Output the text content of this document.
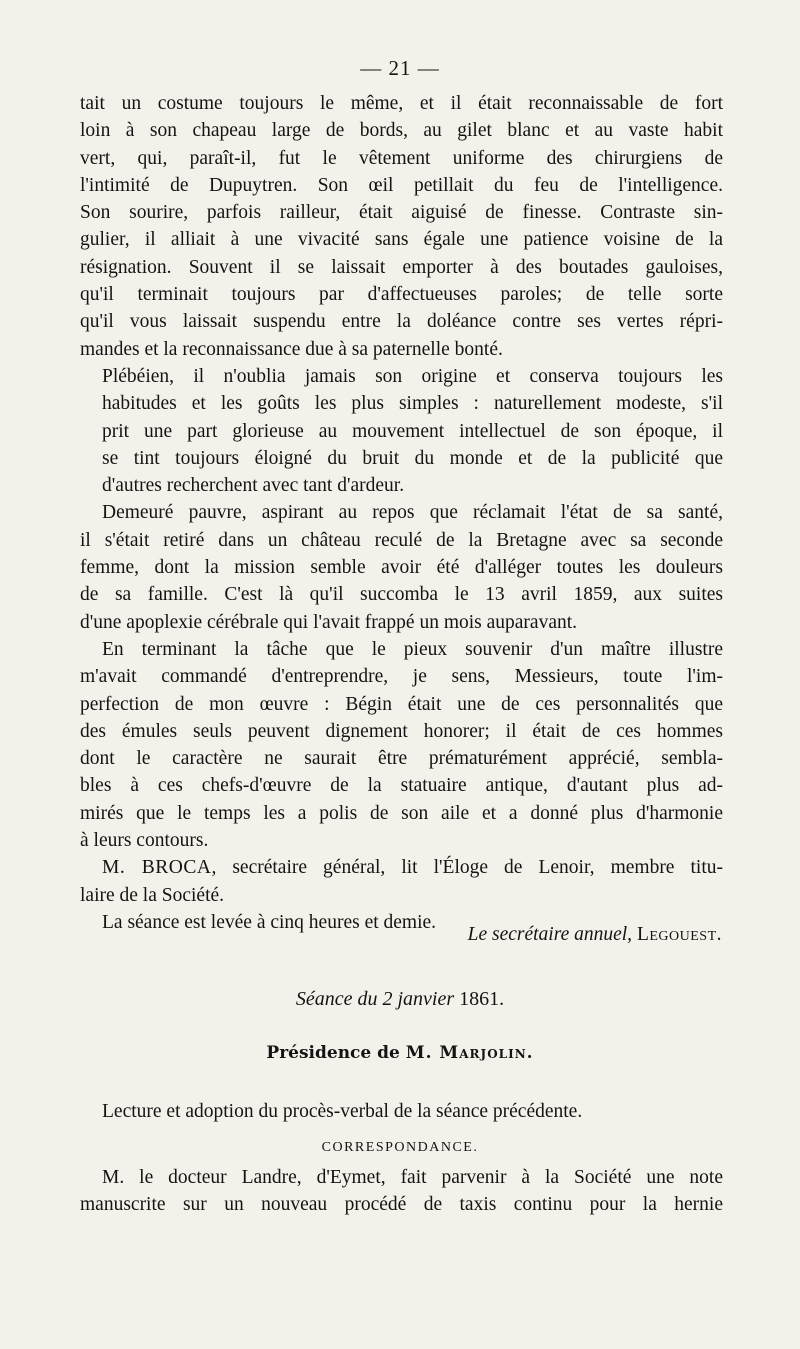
— 21 —
tait un costume toujours le même, et il était reconnaissable de fort
loin à son chapeau large de bords, au gilet blanc et au vaste habit
vert, qui, paraît-il, fut le vêtement uniforme des chirurgiens de
l'intimité de Dupuytren. Son œil petillait du feu de l'intelligence.
Son sourire, parfois railleur, était aiguisé de finesse. Contraste sin-
gulier, il alliait à une vivacité sans égale une patience voisine de la
résignation. Souvent il se laissait emporter à des boutades gauloises,
qu'il terminait toujours par d'affectueuses paroles; de telle sorte
qu'il vous laissait suspendu entre la doléance contre ses vertes répri-
mandes et la reconnaissance due à sa paternelle bonté.
Plébéien, il n'oublia jamais son origine et conserva toujours les
habitudes et les goûts les plus simples : naturellement modeste, s'il
prit une part glorieuse au mouvement intellectuel de son époque, il
se tint toujours éloigné du bruit du monde et de la publicité que
d'autres recherchent avec tant d'ardeur.
Demeuré pauvre, aspirant au repos que réclamait l'état de sa santé,
il s'était retiré dans un château reculé de la Bretagne avec sa seconde
femme, dont la mission semble avoir été d'alléger toutes les douleurs
de sa famille. C'est là qu'il succomba le 13 avril 1859, aux suites
d'une apoplexie cérébrale qui l'avait frappé un mois auparavant.
En terminant la tâche que le pieux souvenir d'un maître illustre
m'avait commandé d'entreprendre, je sens, Messieurs, toute l'im-
perfection de mon œuvre : Bégin était une de ces personnalités que
des émules seuls peuvent dignement honorer; il était de ces hommes
dont le caractère ne saurait être prématurément apprécié, sembla-
bles à ces chefs-d'œuvre de la statuaire antique, d'autant plus ad-
mirés que le temps les a polis de son aile et a donné plus d'harmonie
à leurs contours.
M. BROCA, secrétaire général, lit l'Éloge de Lenoir, membre titu-
laire de la Société.
La séance est levée à cinq heures et demie.
Le secrétaire annuel, Legouest.
Séance du 2 janvier 1861.
Présidence de M. Marjolin.
Lecture et adoption du procès-verbal de la séance précédente.
CORRESPONDANCE.
M. le docteur Landre, d'Eymet, fait parvenir à la Société une note
manuscrite sur un nouveau procédé de taxis continu pour la hernie
